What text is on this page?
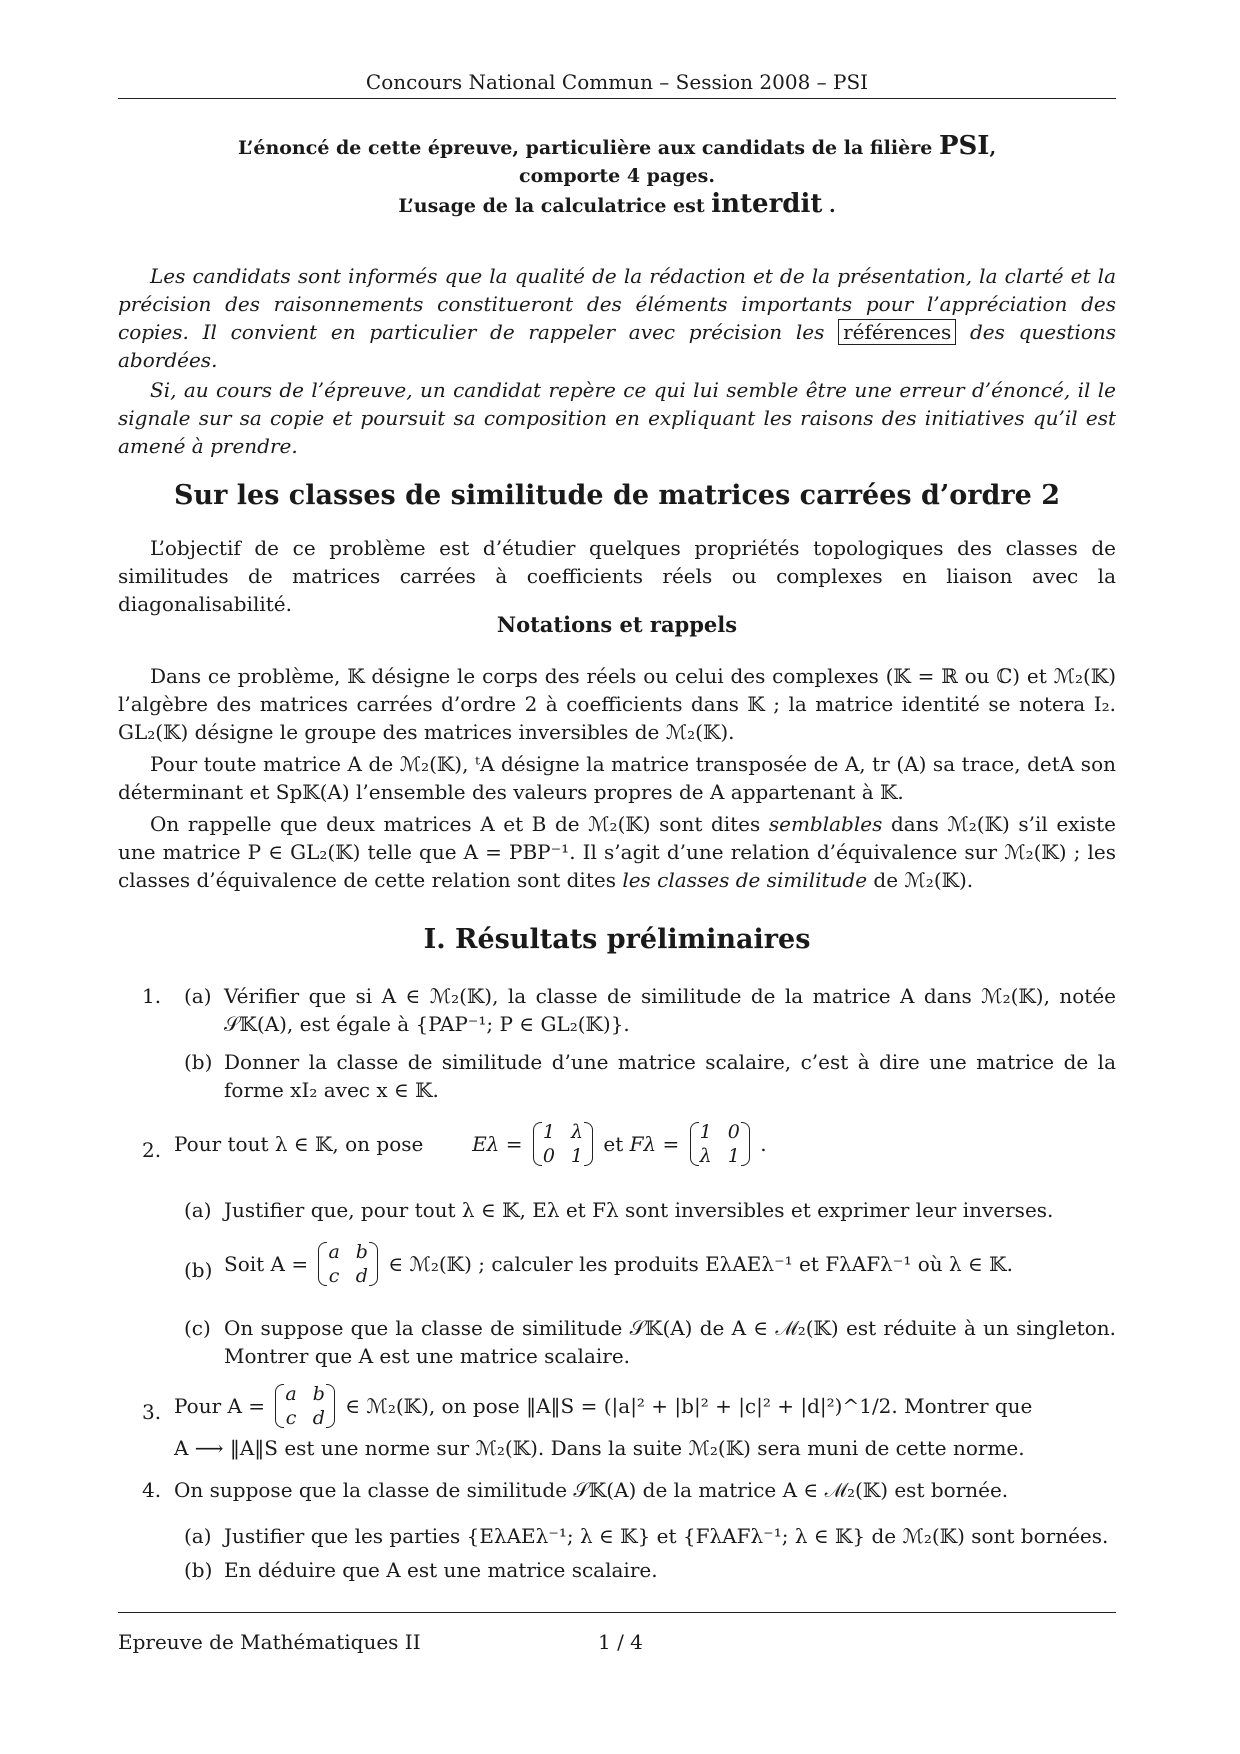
Concours National Commun – Session 2008 – PSI
L’énoncé de cette épreuve, particulière aux candidats de la filière PSI,
comporte 4 pages.
L’usage de la calculatrice est interdit .
Les candidats sont informés que la qualité de la rédaction et de la présentation, la clarté et la précision des raisonnements constitueront des éléments importants pour l’appréciation des copies. Il convient en particulier de rappeler avec précision les références des questions abordées.
Si, au cours de l’épreuve, un candidat repère ce qui lui semble être une erreur d’énoncé, il le signale sur sa copie et poursuit sa composition en expliquant les raisons des initiatives qu’il est amené à prendre.
Sur les classes de similitude de matrices carrées d’ordre 2
L’objectif de ce problème est d’étudier quelques propriétés topologiques des classes de similitudes de matrices carrées à coefficients réels ou complexes en liaison avec la diagonalisabilité.
Notations et rappels
Dans ce problème, 𝕂 désigne le corps des réels ou celui des complexes (𝕂 = ℝ ou ℂ) et ℳ₂(𝕂) l’algèbre des matrices carrées d’ordre 2 à coefficients dans 𝕂 ; la matrice identité se notera I₂. GL₂(𝕂) désigne le groupe des matrices inversibles de ℳ₂(𝕂).
Pour toute matrice A de ℳ₂(𝕂), ᵗA désigne la matrice transposée de A, tr (A) sa trace, detA son déterminant et Sp𝕂(A) l’ensemble des valeurs propres de A appartenant à 𝕂.
On rappelle que deux matrices A et B de ℳ₂(𝕂) sont dites semblables dans ℳ₂(𝕂) s’il existe une matrice P ∈ GL₂(𝕂) telle que A = PBP⁻¹. Il s’agit d’une relation d’équivalence sur ℳ₂(𝕂) ; les classes d’équivalence de cette relation sont dites les classes de similitude de ℳ₂(𝕂).
I. Résultats préliminaires
1. (a) Vérifier que si A ∈ ℳ₂(𝕂), la classe de similitude de la matrice A dans ℳ₂(𝕂), notée 𝒮𝕂(A), est égale à {PAP⁻¹; P ∈ GL₂(𝕂)}.
(b) Donner la classe de similitude d’une matrice scalaire, c’est à dire une matrice de la forme xI₂ avec x ∈ 𝕂.
2. Pour tout λ ∈ 𝕂, on pose Eλ = 1 λ
0 1 et Fλ = 1 0
λ 1 .
(a) Justifier que, pour tout λ ∈ 𝕂, Eλ et Fλ sont inversibles et exprimer leur inverses.
(b) Soit A = a b
c d ∈ ℳ₂(𝕂) ; calculer les produits EλAEλ⁻¹ et FλAFλ⁻¹ où λ ∈ 𝕂.
(c) On suppose que la classe de similitude 𝒮𝕂(A) de A ∈ ℳ₂(𝕂) est réduite à un singleton. Montrer que A est une matrice scalaire.
3. Pour A = a b
c d ∈ ℳ₂(𝕂), on pose ‖A‖S = (|a|² + |b|² + |c|² + |d|²)^1/2. Montrer que
A ⟶ ‖A‖S est une norme sur ℳ₂(𝕂). Dans la suite ℳ₂(𝕂) sera muni de cette norme.
4. On suppose que la classe de similitude 𝒮𝕂(A) de la matrice A ∈ ℳ₂(𝕂) est bornée.
(a) Justifier que les parties {EλAEλ⁻¹; λ ∈ 𝕂} et {FλAFλ⁻¹; λ ∈ 𝕂} de ℳ₂(𝕂) sont bornées.
(b) En déduire que A est une matrice scalaire.
Epreuve de Mathématiques II	1 / 4
